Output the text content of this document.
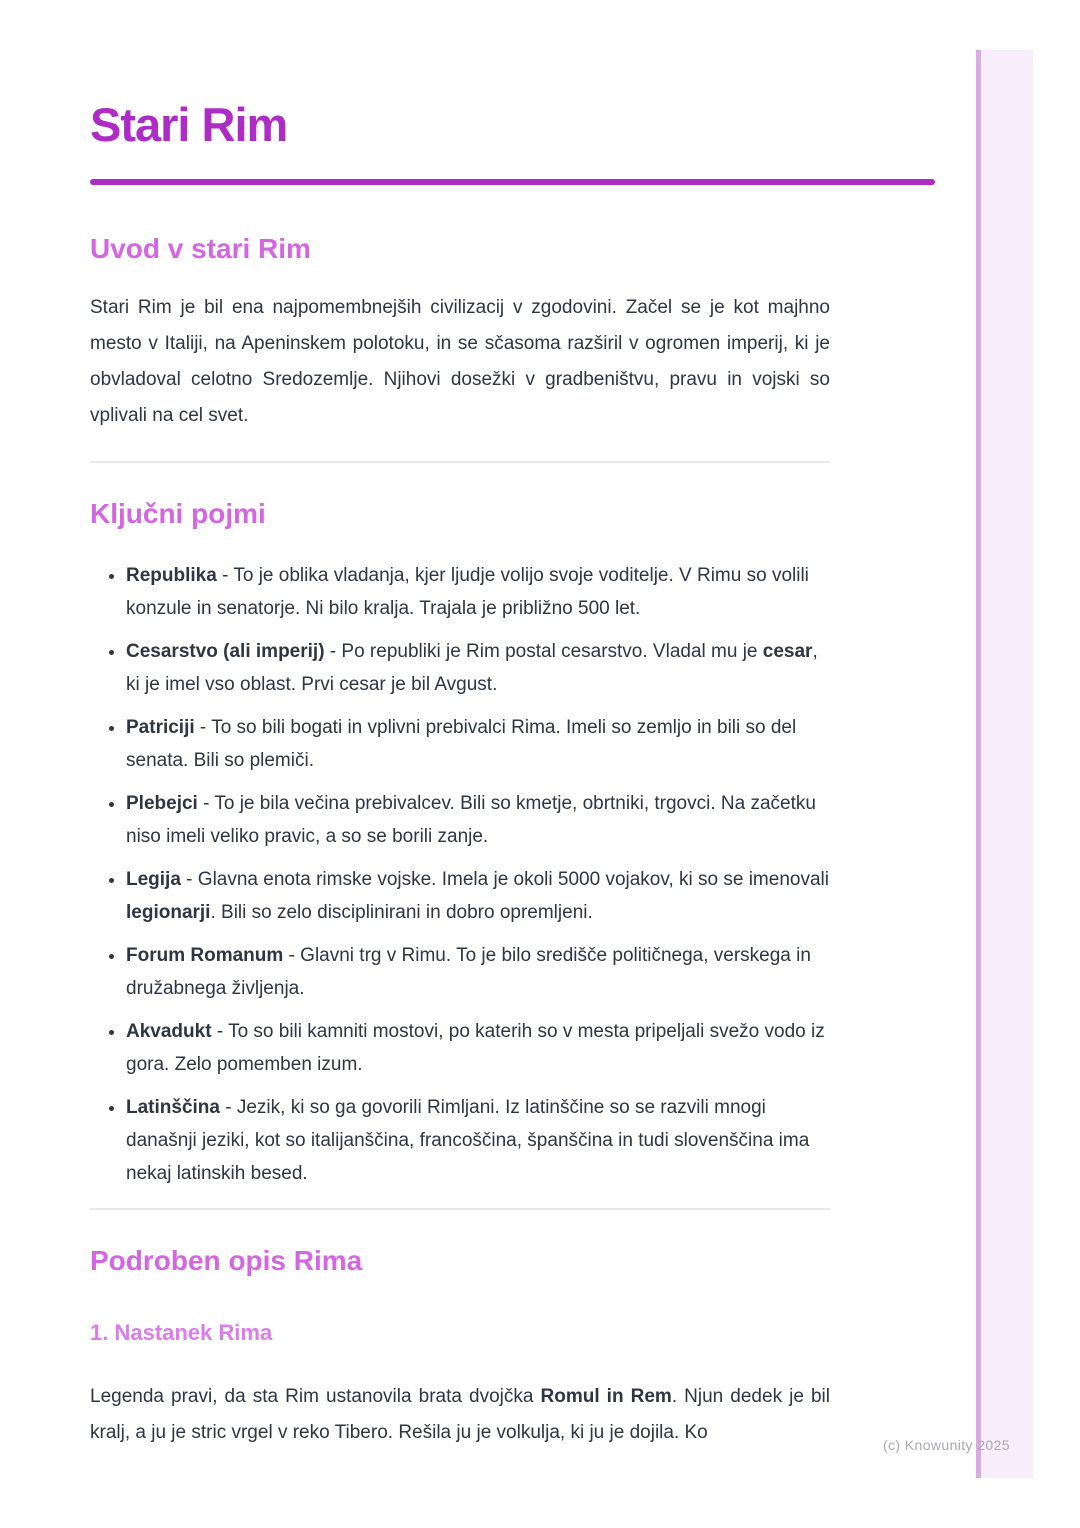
(c) Knowunity 2025
Stari Rim
Uvod v stari Rim

Stari Rim je bil ena najpomembnejših civilizacij v zgodovini. Začel se je kot majhno mesto v Italiji, na Apeninskem polotoku, in se sčasoma razširil v ogromen imperij, ki je obvladoval celotno Sredozemlje. Njihovi dosežki v gradbeništvu, pravu in vojski so vplivali na cel svet.

Ključni pojmi
• Republika - To je oblika vladanja, kjer ljudje volijo svoje voditelje. V Rimu so volili konzule in senatorje. Ni bilo kralja. Trajala je približno 500 let.
• Cesarstvo (ali imperij) - Po republiki je Rim postal cesarstvo. Vladal mu je cesar, ki je imel vso oblast. Prvi cesar je bil Avgust.
• Patriciji - To so bili bogati in vplivni prebivalci Rima. Imeli so zemljo in bili so del senata. Bili so plemiči.
• Plebejci - To je bila večina prebivalcev. Bili so kmetje, obrtniki, trgovci. Na začetku niso imeli veliko pravic, a so se borili zanje.
• Legija - Glavna enota rimske vojske. Imela je okoli 5000 vojakov, ki so se imenovali legionarji. Bili so zelo disciplinirani in dobro opremljeni.
• Forum Romanum - Glavni trg v Rimu. To je bilo središče političnega, verskega in družabnega življenja.
• Akvadukt - To so bili kamniti mostovi, po katerih so v mesta pripeljali svežo vodo iz gora. Zelo pomemben izum.
• Latinščina - Jezik, ki so ga govorili Rimljani. Iz latinščine so se razvili mnogi današnji jeziki, kot so italijanščina, francoščina, španščina in tudi slovenščina ima nekaj latinskih besed.
Podroben opis Rima
1. Nastanek Rima

Legenda pravi, da sta Rim ustanovila brata dvojčka Romul in Rem. Njun dedek je bil kralj, a ju je stric vrgel v reko Tibero. Rešila ju je volkulja, ki ju je dojila. Ko
